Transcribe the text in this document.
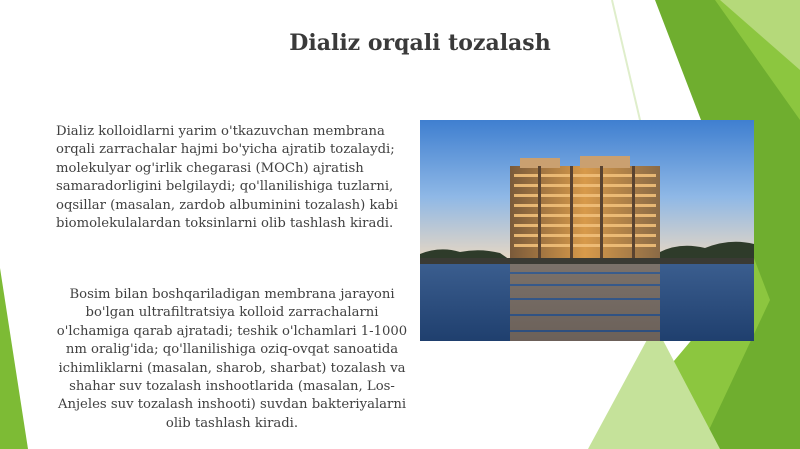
Dializ orqali tozalash

Dializ kolloidlarni yarim o'tkazuvchan membrana orqali zarrachalar hajmi bo'yicha ajratib tozalaydi; molekulyar og'irlik chegarasi (MOCh) ajratish samaradorligini belgilaydi; qo'llanilishiga tuzlarni, oqsillar (masalan, zardob albuminini tozalash) kabi biomolekulalardan toksinlarni olib tashlash kiradi.

Bosim bilan boshqariladigan membrana jarayoni bo'lgan ultrafiltratsiya kolloid zarrachalarni o'lchamiga qarab ajratadi; teshik o'lchamlari 1-1000 nm oralig'ida; qo'llanilishiga oziq-ovqat sanoatida ichimliklarni (masalan, sharob, sharbat) tozalash va shahar suv tozalash inshootlarida (masalan, Los-Anjeles suv tozalash inshooti) suvdan bakteriyalarni olib tashlash kiradi.
